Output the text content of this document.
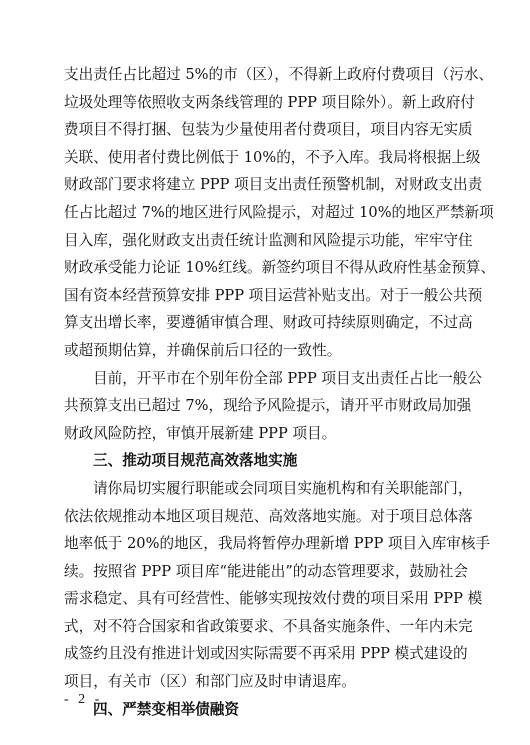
支出责任占比超过 5%的市（区），不得新上政府付费项目（污水、
垃圾处理等依照收支两条线管理的 PPP 项目除外）。新上政府付
费项目不得打捆、包装为少量使用者付费项目，项目内容无实质
关联、使用者付费比例低于 10%的，不予入库。我局将根据上级
财政部门要求将建立 PPP 项目支出责任预警机制，对财政支出责
任占比超过 7%的地区进行风险提示，对超过 10%的地区严禁新项
目入库，强化财政支出责任统计监测和风险提示功能，牢牢守住
财政承受能力论证 10%红线。新签约项目不得从政府性基金预算、
国有资本经营预算安排 PPP 项目运营补贴支出。对于一般公共预
算支出增长率，要遵循审慎合理、财政可持续原则确定，不过高
或超预期估算，并确保前后口径的一致性。
目前，开平市在个别年份全部 PPP 项目支出责任占比一般公
共预算支出已超过 7%，现给予风险提示，请开平市财政局加强
财政风险防控，审慎开展新建 PPP 项目。
三、推动项目规范高效落地实施
请你局切实履行职能或会同项目实施机构和有关职能部门，
依法依规推动本地区项目规范、高效落地实施。对于项目总体落
地率低于 20%的地区，我局将暂停办理新增 PPP 项目入库审核手
续。按照省 PPP 项目库“能进能出”的动态管理要求，鼓励社会
需求稳定、具有可经营性、能够实现按效付费的项目采用 PPP 模
式，对不符合国家和省政策要求、不具备实施条件、一年内未完
成签约且没有推进计划或因实际需要不再采用 PPP 模式建设的
项目，有关市（区）和部门应及时申请退库。
四、严禁变相举债融资
- 2 -
